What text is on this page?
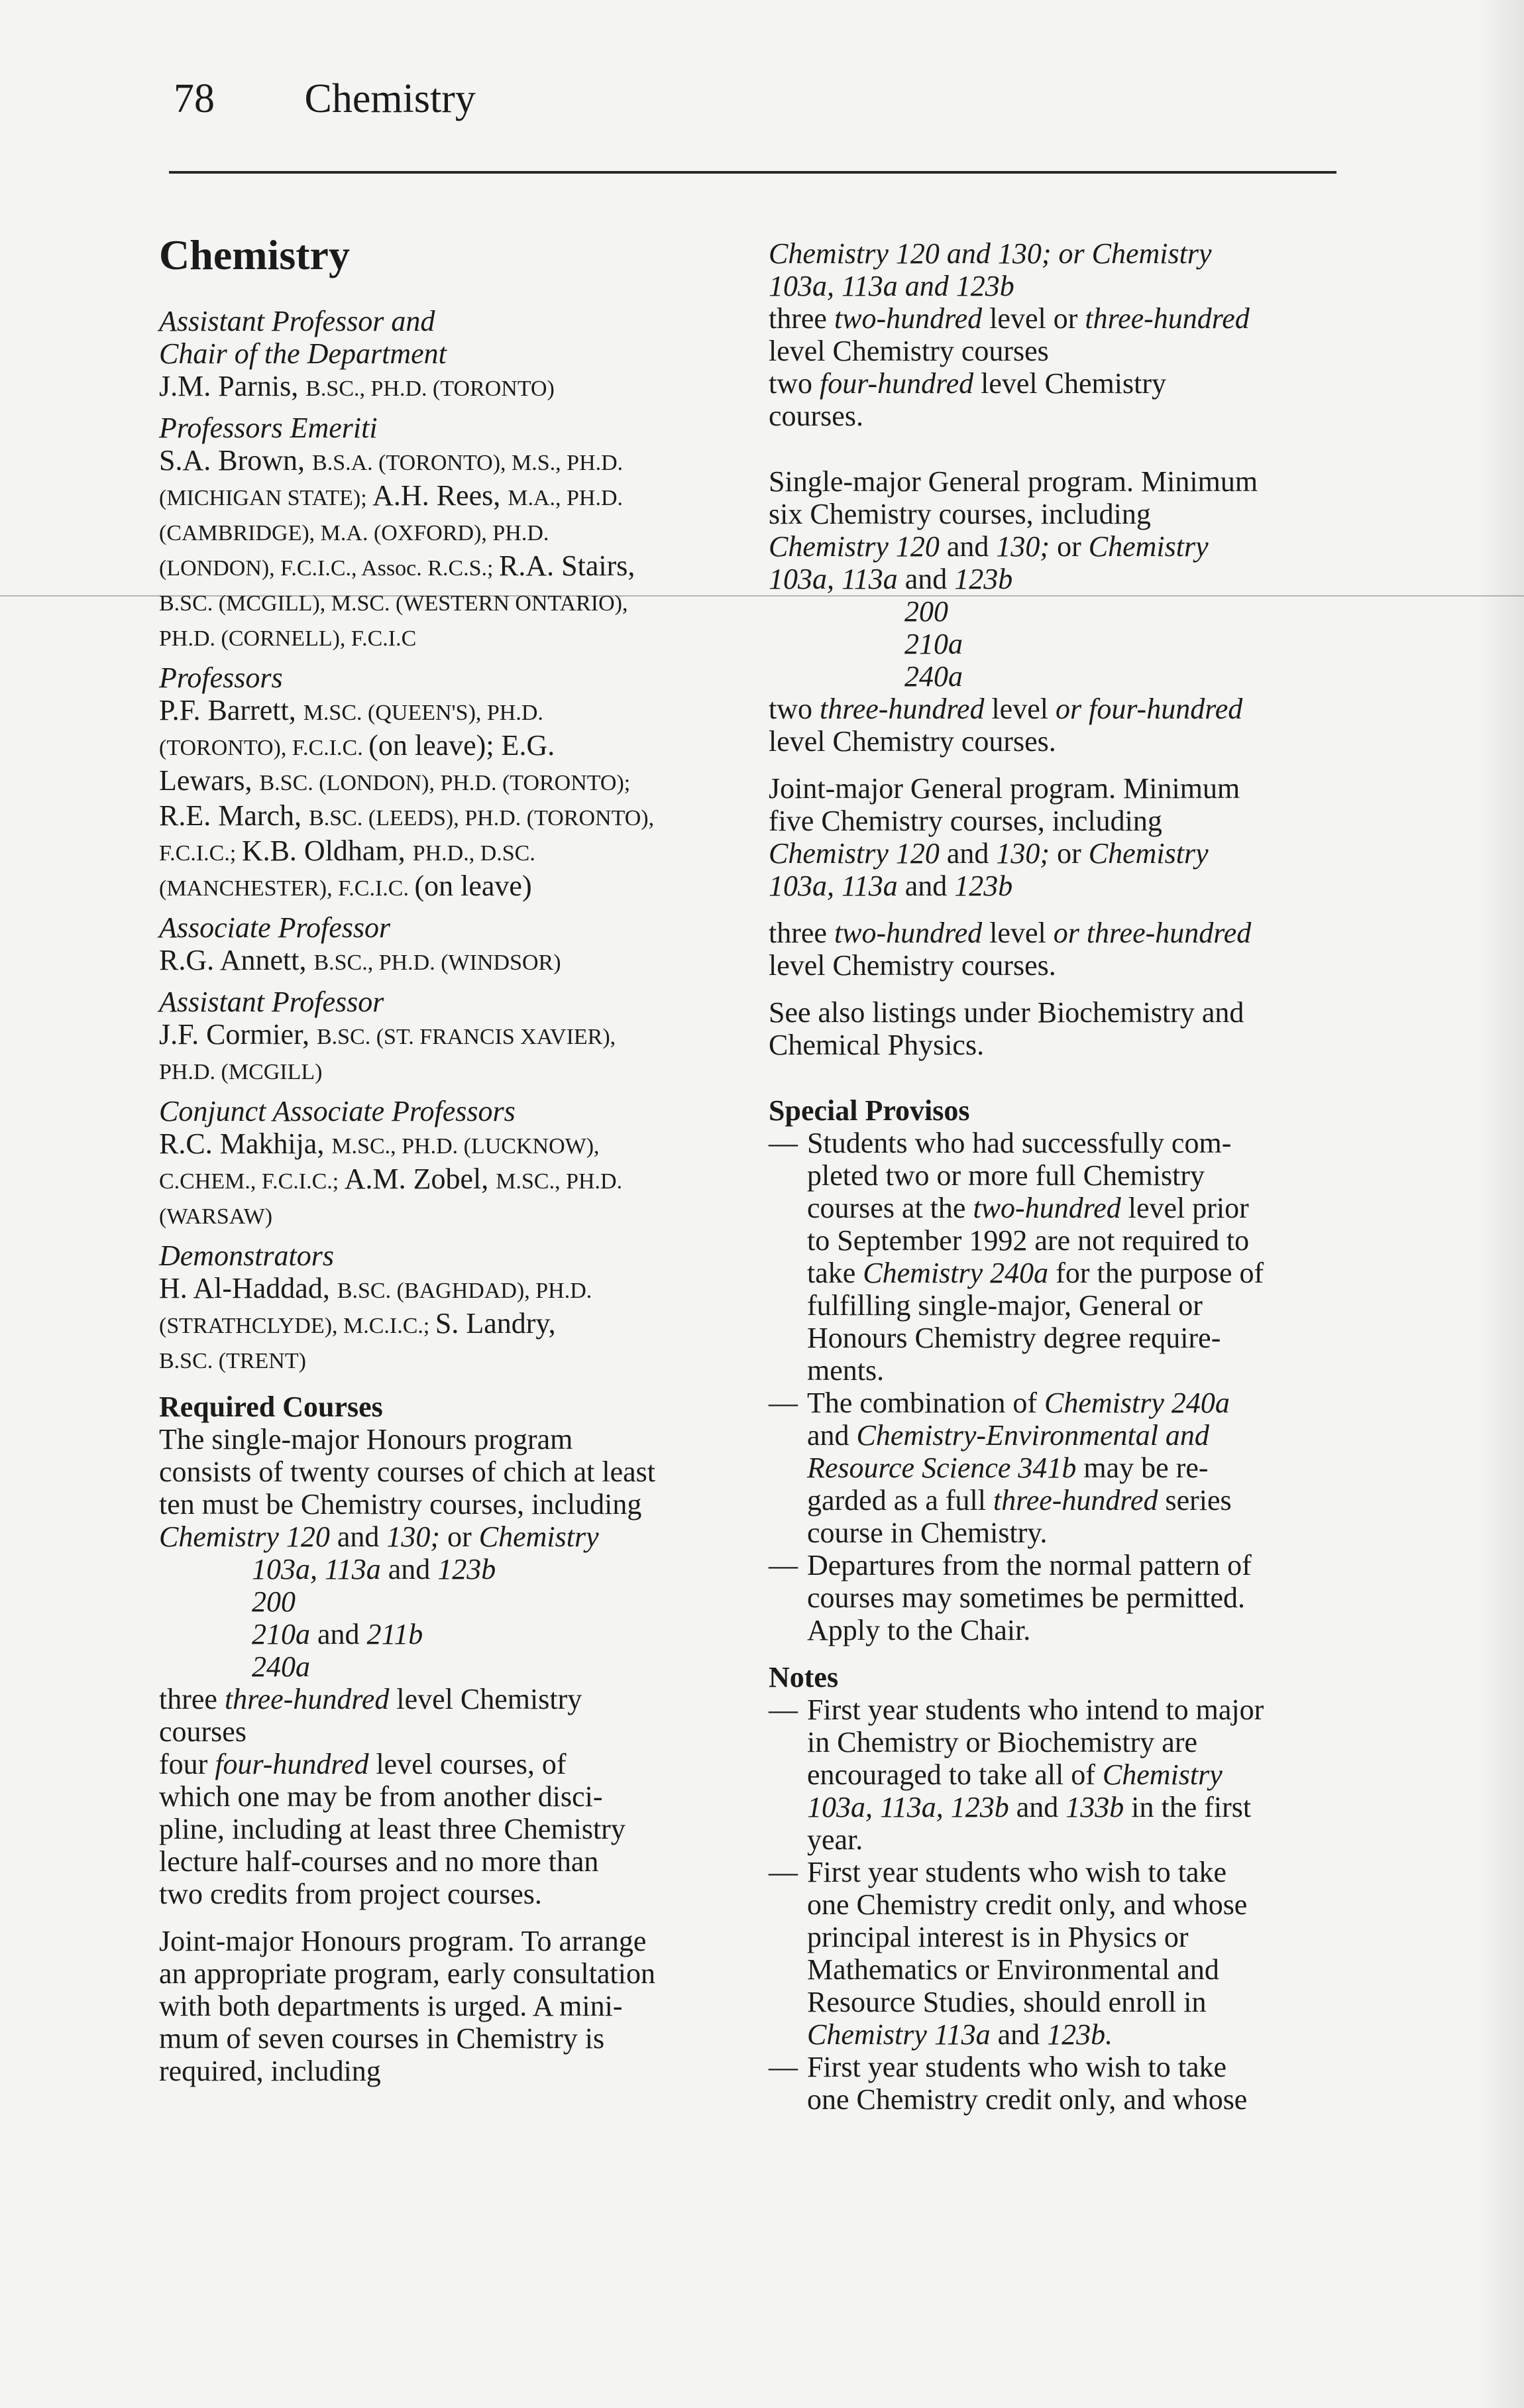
78 Chemistry

Chemistry

Assistant Professor and

Chair of the Department

J.M. Parnis, B.SC., PH.D. (TORONTO)

Professors Emeriti

S.A. Brown, B.S.A. (TORONTO), M.S., PH.D.

(MICHIGAN STATE); A.H. Rees, M.A., PH.D.

(CAMBRIDGE), M.A. (OXFORD), PH.D.

(LONDON), F.C.I.C., Assoc. R.C.S.; R.A. Stairs,

B.SC. (MCGILL), M.SC. (WESTERN ONTARIO),

PH.D. (CORNELL), F.C.I.C

Professors

P.F. Barrett, M.SC. (QUEEN'S), PH.D.

(TORONTO), F.C.I.C. (on leave); E.G.

Lewars, B.SC. (LONDON), PH.D. (TORONTO);

R.E. March, B.SC. (LEEDS), PH.D. (TORONTO),

F.C.I.C.; K.B. Oldham, PH.D., D.SC.

(MANCHESTER), F.C.I.C. (on leave)

Associate Professor

R.G. Annett, B.SC., PH.D. (WINDSOR)

Assistant Professor

J.F. Cormier, B.SC. (ST. FRANCIS XAVIER),

PH.D. (MCGILL)

Conjunct Associate Professors

R.C. Makhija, M.SC., PH.D. (LUCKNOW),

C.CHEM., F.C.I.C.; A.M. Zobel, M.SC., PH.D.

(WARSAW)

Demonstrators

H. Al-Haddad, B.SC. (BAGHDAD), PH.D.

(STRATHCLYDE), M.C.I.C.; S. Landry,

B.SC. (TRENT)

Required Courses

The single-major Honours program

consists of twenty courses of chich at least

ten must be Chemistry courses, including

Chemistry 120 and 130; or Chemistry

103a, 113a and 123b

200

210a and 211b

240a

three three-hundred level Chemistry

courses

four four-hundred level courses, of

which one may be from another disci-

pline, including at least three Chemistry

lecture half-courses and no more than

two credits from project courses.

Joint-major Honours program. To arrange

an appropriate program, early consultation

with both departments is urged. A mini-

mum of seven courses in Chemistry is

required, including

Chemistry 120 and 130; or Chemistry

103a, 113a and 123b

three two-hundred level or three-hundred

level Chemistry courses

two four-hundred level Chemistry

courses.

Single-major General program. Minimum

six Chemistry courses, including

Chemistry 120 and 130; or Chemistry

103a, 113a and 123b

200

210a

240a

two three-hundred level or four-hundred

level Chemistry courses.

Joint-major General program. Minimum

five Chemistry courses, including

Chemistry 120 and 130; or Chemistry

103a, 113a and 123b

three two-hundred level or three-hundred

level Chemistry courses.

See also listings under Biochemistry and

Chemical Physics.

Special Provisos

— Students who had successfully com-

pleted two or more full Chemistry

courses at the two-hundred level prior

to September 1992 are not required to

take Chemistry 240a for the purpose of

fulfilling single-major, General or

Honours Chemistry degree require-

ments.

— The combination of Chemistry 240a

and Chemistry-Environmental and

Resource Science 341b may be re-

garded as a full three-hundred series

course in Chemistry.

— Departures from the normal pattern of

courses may sometimes be permitted.

Apply to the Chair.

Notes

— First year students who intend to major

in Chemistry or Biochemistry are

encouraged to take all of Chemistry

103a, 113a, 123b and 133b in the first

year.

— First year students who wish to take

one Chemistry credit only, and whose

principal interest is in Physics or

Mathematics or Environmental and

Resource Studies, should enroll in

Chemistry 113a and 123b.

— First year students who wish to take

one Chemistry credit only, and whose
